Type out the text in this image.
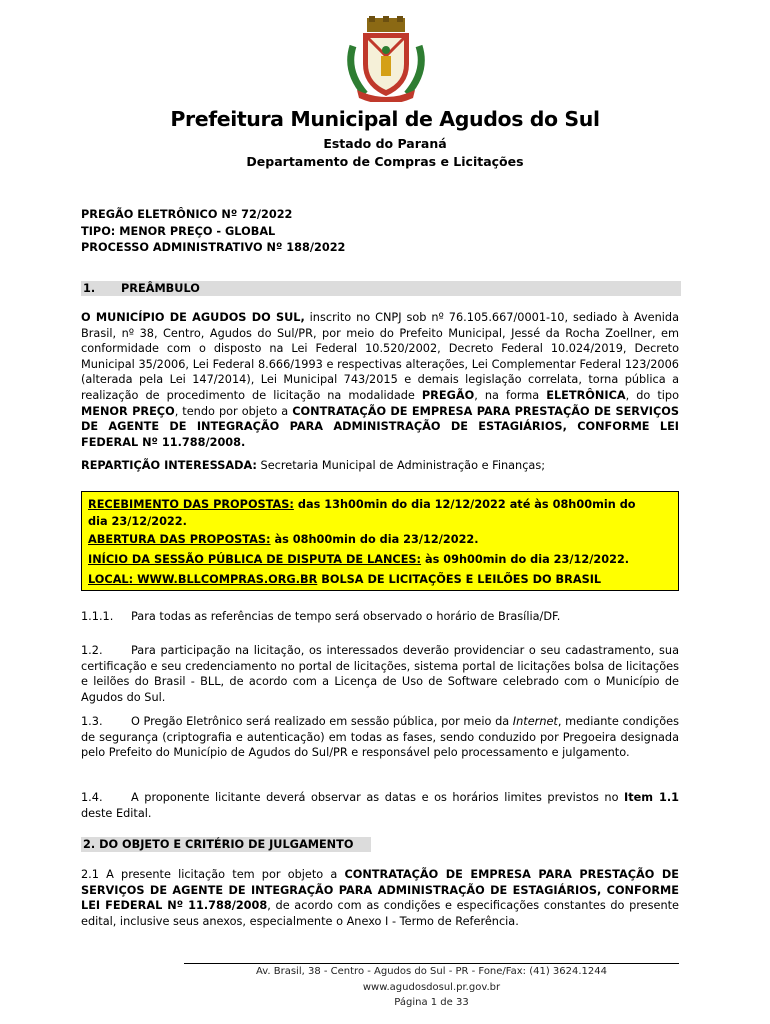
Prefeitura Municipal de Agudos do Sul
Estado do Paraná
Departamento de Compras e Licitações
PREGÃO ELETRÔNICO Nº 72/2022
TIPO: MENOR PREÇO - GLOBAL
PROCESSO ADMINISTRATIVO Nº 188/2022
1. PREÂMBULO
O MUNICÍPIO DE AGUDOS DO SUL, inscrito no CNPJ sob nº 76.105.667/0001-10, sediado à Avenida Brasil, nº 38, Centro, Agudos do Sul/PR, por meio do Prefeito Municipal, Jessé da Rocha Zoellner, em conformidade com o disposto na Lei Federal 10.520/2002, Decreto Federal 10.024/2019, Decreto Municipal 35/2006, Lei Federal 8.666/1993 e respectivas alterações, Lei Complementar Federal 123/2006 (alterada pela Lei 147/2014), Lei Municipal 743/2015 e demais legislação correlata, torna pública a realização de procedimento de licitação na modalidade PREGÃO, na forma ELETRÔNICA, do tipo MENOR PREÇO, tendo por objeto a CONTRATAÇÃO DE EMPRESA PARA PRESTAÇÃO DE SERVIÇOS DE AGENTE DE INTEGRAÇÃO PARA ADMINISTRAÇÃO DE ESTAGIÁRIOS, CONFORME LEI FEDERAL Nº 11.788/2008.
REPARTIÇÃO INTERESSADA: Secretaria Municipal de Administração e Finanças;
RECEBIMENTO DAS PROPOSTAS: das 13h00min do dia 12/12/2022 até às 08h00min do
dia 23/12/2022.
ABERTURA DAS PROPOSTAS: às 08h00min do dia 23/12/2022.
INÍCIO DA SESSÃO PÚBLICA DE DISPUTA DE LANCES: às 09h00min do dia 23/12/2022.
LOCAL: WWW.BLLCOMPRAS.ORG.BR BOLSA DE LICITAÇÕES E LEILÕES DO BRASIL
1.1.1. Para todas as referências de tempo será observado o horário de Brasília/DF.
1.2.	Para participação na licitação, os interessados deverão providenciar o seu cadastramento, sua certificação e seu credenciamento no portal de licitações, sistema portal de licitações bolsa de licitações e leilões do Brasil - BLL, de acordo com a Licença de Uso de Software celebrado com o Município de Agudos do Sul.
1.3.	O Pregão Eletrônico será realizado em sessão pública, por meio da Internet, mediante condições de segurança (criptografia e autenticação) em todas as fases, sendo conduzido por Pregoeira designada pelo Prefeito do Município de Agudos do Sul/PR e responsável pelo processamento e julgamento.
1.4.	A proponente licitante deverá observar as datas e os horários limites previstos no Item 1.1 deste Edital.
2. DO OBJETO E CRITÉRIO DE JULGAMENTO
2.1 A presente licitação tem por objeto a CONTRATAÇÃO DE EMPRESA PARA PRESTAÇÃO DE SERVIÇOS DE AGENTE DE INTEGRAÇÃO PARA ADMINISTRAÇÃO DE ESTAGIÁRIOS, CONFORME LEI FEDERAL Nº 11.788/2008, de acordo com as condições e especificações constantes do presente edital, inclusive seus anexos, especialmente o Anexo I - Termo de Referência.
Av. Brasil, 38 - Centro - Agudos do Sul - PR - Fone/Fax: (41) 3624.1244
www.agudosdosul.pr.gov.br
Página 1 de 33
